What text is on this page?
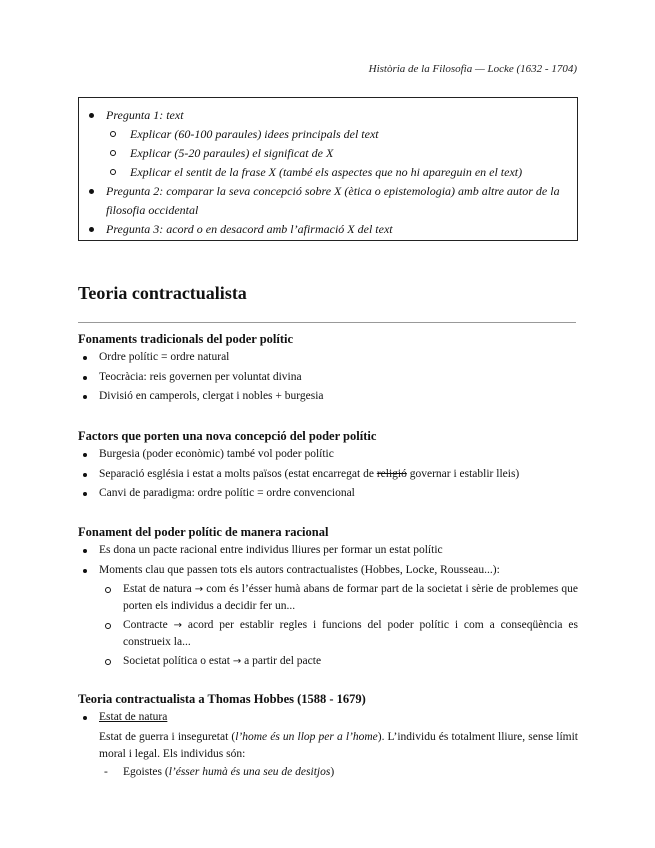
Història de la Filosofia — Locke (1632 - 1704)
Pregunta 1: text
Explicar (60-100 paraules) idees principals del text
Explicar (5-20 paraules) el significat de X
Explicar el sentit de la frase X (també els aspectes que no hi apareguin en el text)
Pregunta 2: comparar la seva concepció sobre X (ètica o epistemologia) amb altre autor de la filosofia occidental
Pregunta 3: acord o en desacord amb l’afirmació X del text
Teoria contractualista
Fonaments tradicionals del poder polític
Ordre polític = ordre natural
Teocràcia: reis governen per voluntat divina
Divisió en camperols, clergat i nobles + burgesia
Factors que porten una nova concepció del poder polític
Burgesia (poder econòmic) també vol poder polític
Separació església i estat a molts països (estat encarregat de religió governar i establir lleis)
Canvi de paradigma: ordre polític = ordre convencional
Fonament del poder polític de manera racional
Es dona un pacte racional entre individus lliures per formar un estat polític
Moments clau que passen tots els autors contractualistes (Hobbes, Locke, Rousseau...):
Estat de natura → com és l’ésser humà abans de formar part de la societat i sèrie de problemes que porten els individus a decidir fer un...
Contracte → acord per establir regles i funcions del poder polític i com a conseqüència es construeix la...
Societat política o estat → a partir del pacte
Teoria contractualista a Thomas Hobbes (1588 - 1679)
Estat de natura
Estat de guerra i inseguretat (l’home és un llop per a l’home). L’individu és totalment lliure, sense límit moral i legal. Els individus són:
- Egoistes (l’ésser humà és una seu de desitjos)
